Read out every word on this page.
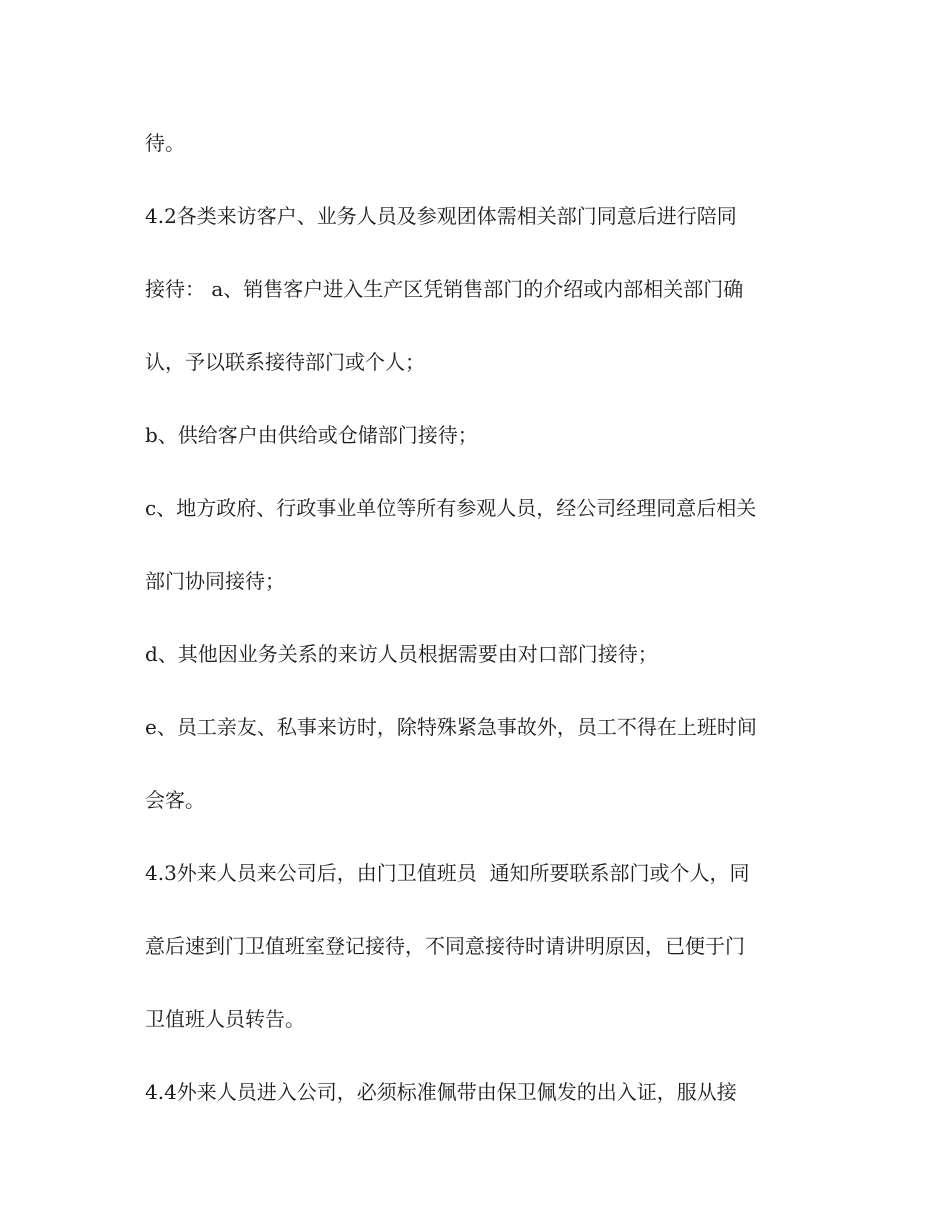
待。
4.2各类来访客户、业务人员及参观团体需相关部门同意后进行陪同
接待： a、销售客户进入生产区凭销售部门的介绍或内部相关部门确
认，予以联系接待部门或个人；
b、供给客户由供给或仓储部门接待；
c、地方政府、行政事业单位等所有参观人员，经公司经理同意后相关
部门协同接待；
d、其他因业务关系的来访人员根据需要由对口部门接待；
e、员工亲友、私事来访时，除特殊紧急事故外，员工不得在上班时间
会客。
4.3外来人员来公司后，由门卫值班员  通知所要联系部门或个人，同
意后速到门卫值班室登记接待，不同意接待时请讲明原因，已便于门
卫值班人员转告。
4.4外来人员进入公司，必须标准佩带由保卫佩发的出入证，服从接
